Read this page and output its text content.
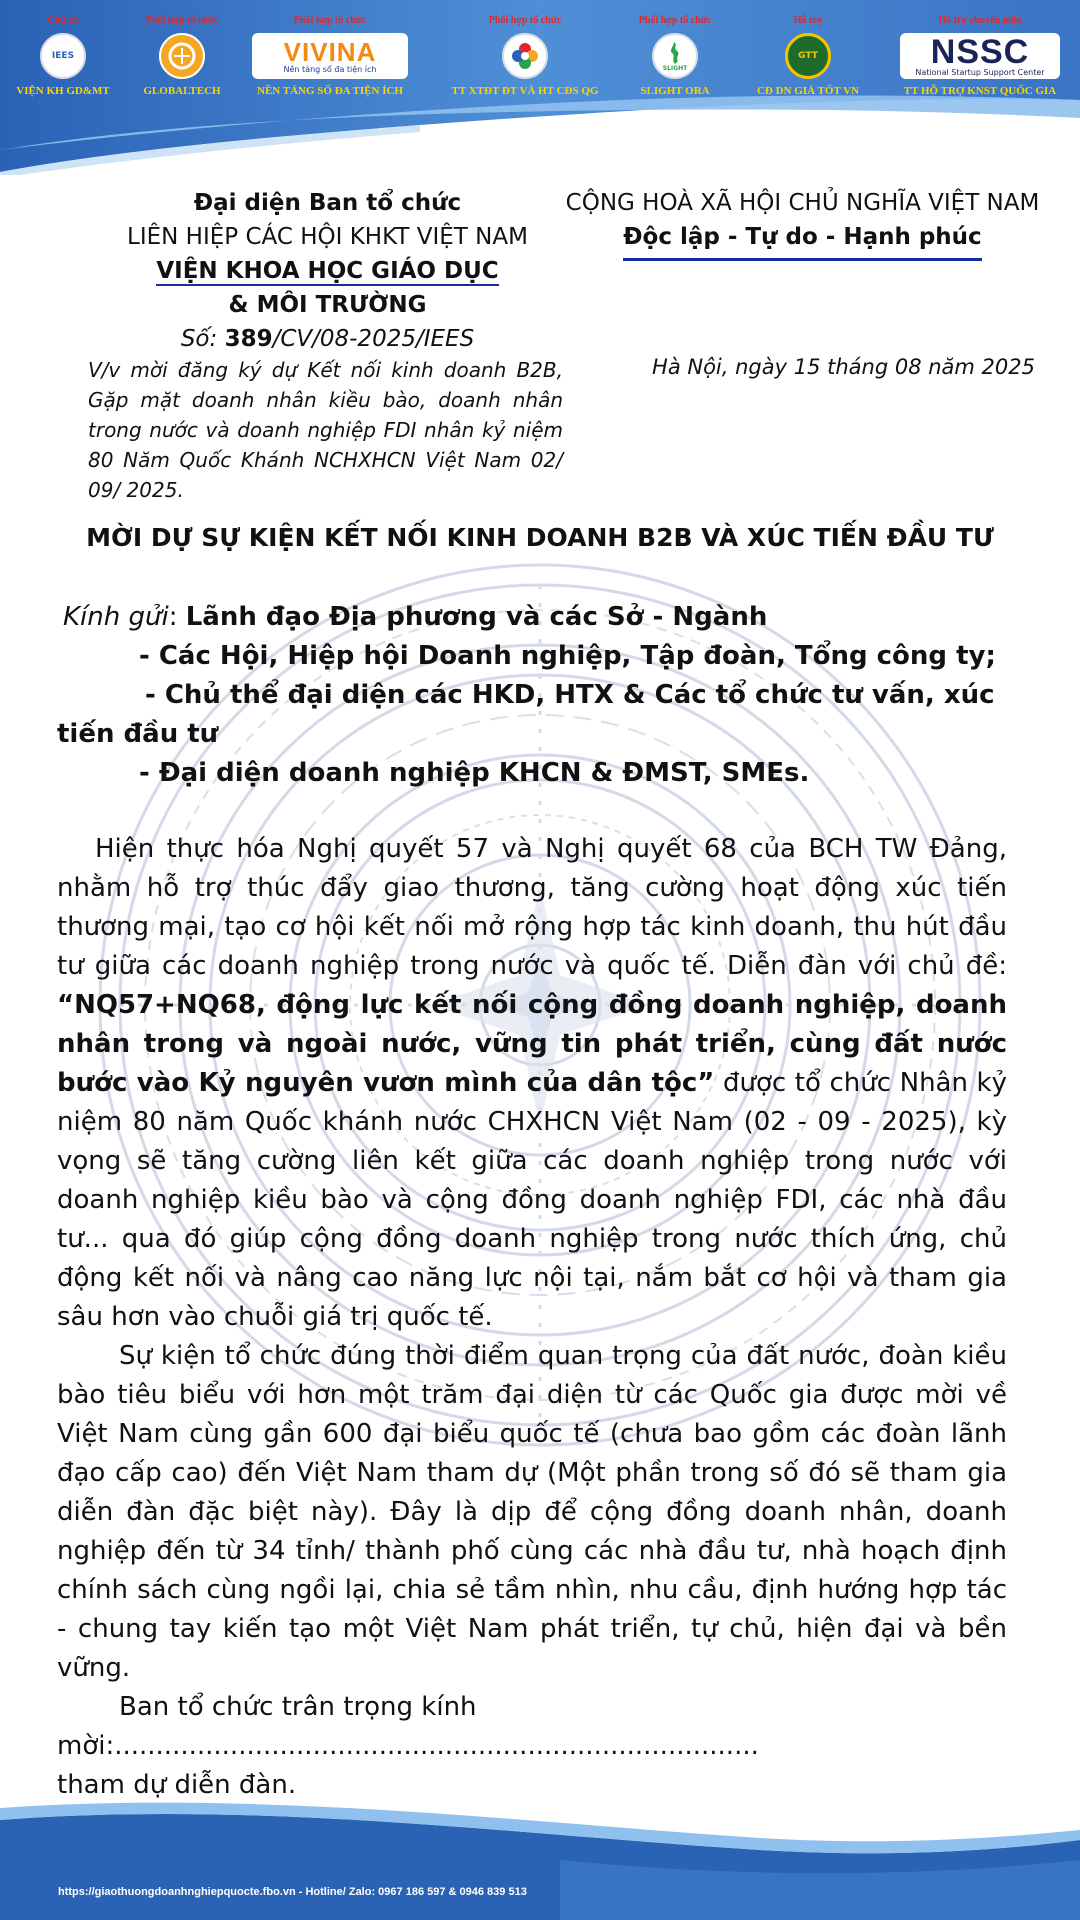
Chủ trì
IEES
VIỆN KH GD&MT
Phối hợp tổ chức
GLOBALTECH
Phối hợp tổ chức
VIVINA
Nền tảng số đa tiện ích
NỀN TẢNG SỐ ĐA TIỆN ÍCH
Phối hợp tổ chức
TT XTĐT ĐT VÀ HT CĐS QG
Phối hợp tổ chức
SLIGHT
SLIGHT ORA
Hỗ trợ
GTT
CĐ DN GIÁ TỐT VN
Hỗ trợ chuyên môn
NSSC
National Startup Support Center
TT HỖ TRỢ KNST QUỐC GIA
Đại diện Ban tổ chức
LIÊN HIỆP CÁC HỘI KHKT VIỆT NAM
VIỆN KHOA HỌC GIÁO DỤC
& MÔI TRƯỜNG
Số: 389/CV/08-2025/IEES
V/v mời đăng ký dự Kết nối kinh doanh B2B, Gặp mặt doanh nhân kiều bào, doanh nhân trong nước và doanh nghiệp FDI nhân kỷ niệm 80 Năm Quốc Khánh NCHXHCN Việt Nam 02/ 09/ 2025.
CỘNG HOÀ XÃ HỘI CHỦ NGHĨA VIỆT NAM
Độc lập - Tự do - Hạnh phúc
Hà Nội, ngày 15 tháng 08 năm 2025
MỜI DỰ SỰ KIỆN KẾT NỐI KINH DOANH B2B VÀ XÚC TIẾN ĐẦU TƯ
Kính gửi: Lãnh đạo Địa phương và các Sở - Ngành
- Các Hội, Hiệp hội Doanh nghiệp, Tập đoàn, Tổng công ty;
- Chủ thể đại diện các HKD, HTX & Các tổ chức tư vấn, xúc tiến đầu tư
- Đại diện doanh nghiệp KHCN & ĐMST, SMEs.

Hiện thực hóa Nghị quyết 57 và Nghị quyết 68 của BCH TW Đảng, nhằm hỗ trợ thúc đẩy giao thương, tăng cường hoạt động xúc tiến thương mại, tạo cơ hội kết nối mở rộng hợp tác kinh doanh, thu hút đầu tư giữa các doanh nghiệp trong nước và quốc tế. Diễn đàn với chủ đề: “NQ57+NQ68, động lực kết nối cộng đồng doanh nghiệp, doanh nhân trong và ngoài nước, vững tin phát triển, cùng đất nước bước vào Kỷ nguyên vươn mình của dân tộc” được tổ chức Nhân kỷ niệm 80 năm Quốc khánh nước CHXHCN Việt Nam (02 - 09 - 2025), kỳ vọng sẽ tăng cường liên kết giữa các doanh nghiệp trong nước với doanh nghiệp kiều bào và cộng đồng doanh nghiệp FDI, các nhà đầu tư... qua đó giúp cộng đồng doanh nghiệp trong nước thích ứng, chủ động kết nối và nâng cao năng lực nội tại, nắm bắt cơ hội và tham gia sâu hơn vào chuỗi giá trị quốc tế.

Sự kiện tổ chức đúng thời điểm quan trọng của đất nước, đoàn kiều bào tiêu biểu với hơn một trăm đại diện từ các Quốc gia được mời về Việt Nam cùng gần 600 đại biểu quốc tế (chưa bao gồm các đoàn lãnh đạo cấp cao) đến Việt Nam tham dự (Một phần trong số đó sẽ tham gia diễn đàn đặc biệt này). Đây là dịp để cộng đồng doanh nhân, doanh nghiệp đến từ 34 tỉnh/ thành phố cùng các nhà đầu tư, nhà hoạch định chính sách cùng ngồi lại, chia sẻ tầm nhìn, nhu cầu, định hướng hợp tác - chung tay kiến tạo một Việt Nam phát triển, tự chủ, hiện đại và bền vững.

Ban tổ chức trân trọng kính mời:..............................................................................

tham dự diễn đàn.

https://giaothuongdoanhnghiepquocte.fbo.vn - Hotline/ Zalo: 0967 186 597 & 0946 839 513
